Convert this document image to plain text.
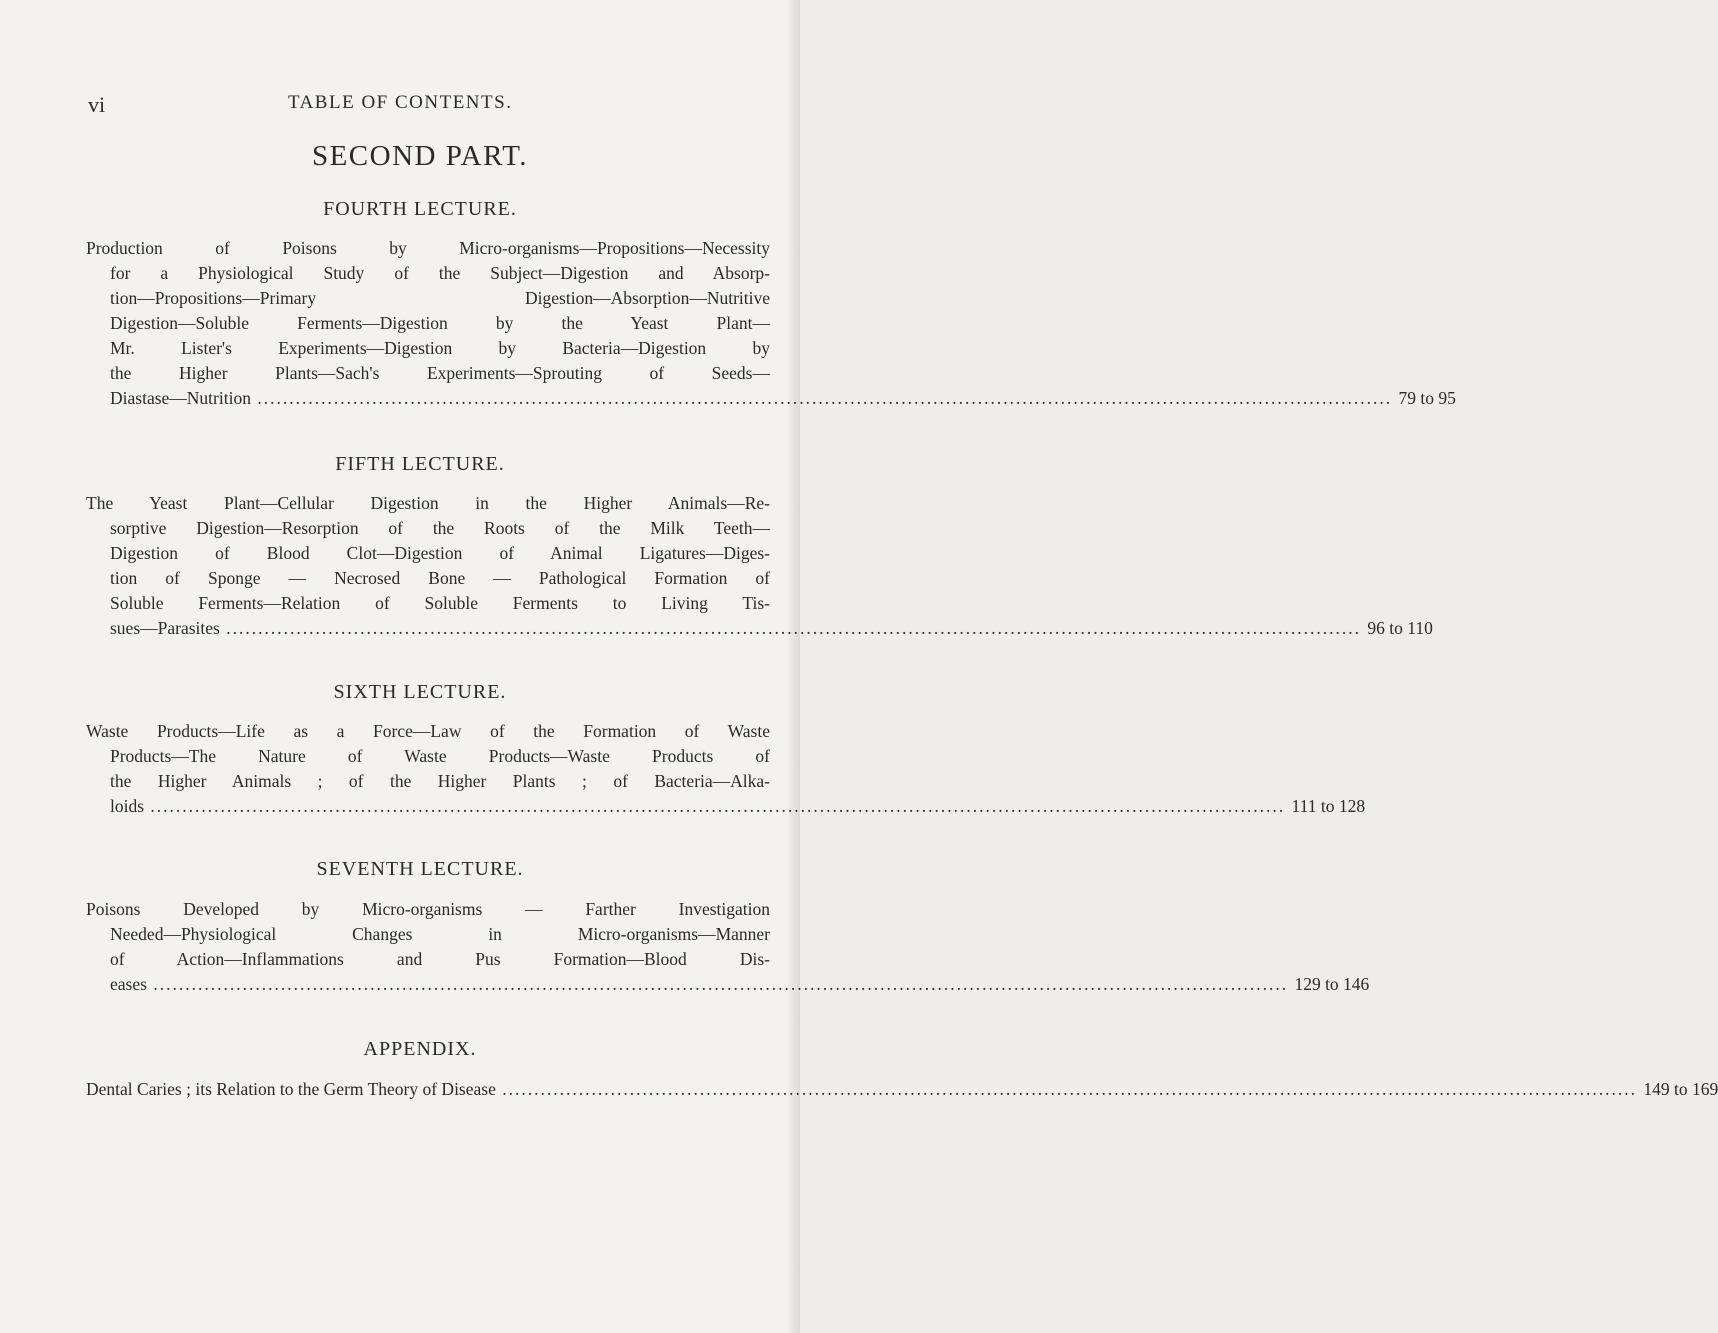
vi	TABLE OF CONTENTS.
SECOND PART.
FOURTH LECTURE.
Production of Poisons by Micro-organisms—Propositions—Necessity
for a Physiological Study of the Subject—Digestion and Absorp-
tion—Propositions—Primary Digestion—Absorption—Nutritive
Digestion—Soluble Ferments—Digestion by the Yeast Plant—
Mr. Lister's Experiments—Digestion by Bacteria—Digestion by
the Higher Plants—Sach's Experiments—Sprouting of Seeds—
Diastase—Nutrition .....	79 to 95
FIFTH LECTURE.
The Yeast Plant—Cellular Digestion in the Higher Animals—Re-
sorptive Digestion—Resorption of the Roots of the Milk Teeth—
Digestion of Blood Clot—Digestion of Animal Ligatures—Diges-
tion of Sponge — Necrosed Bone — Pathological Formation of
Soluble Ferments—Relation of Soluble Ferments to Living Tis-
sues—Parasites .....	96 to 110
SIXTH LECTURE.
Waste Products—Life as a Force—Law of the Formation of Waste
Products—The Nature of Waste Products—Waste Products of
the Higher Animals ; of the Higher Plants ; of Bacteria—Alka-
loids .....	111 to 128
SEVENTH LECTURE.
Poisons Developed by Micro-organisms — Farther Investigation
Needed—Physiological Changes in Micro-organisms—Manner
of Action—Inflammations and Pus Formation—Blood Dis-
eases .....	129 to 146
APPENDIX.
Dental Caries ; its Relation to the Germ Theory of Disease .....	149 to 169
